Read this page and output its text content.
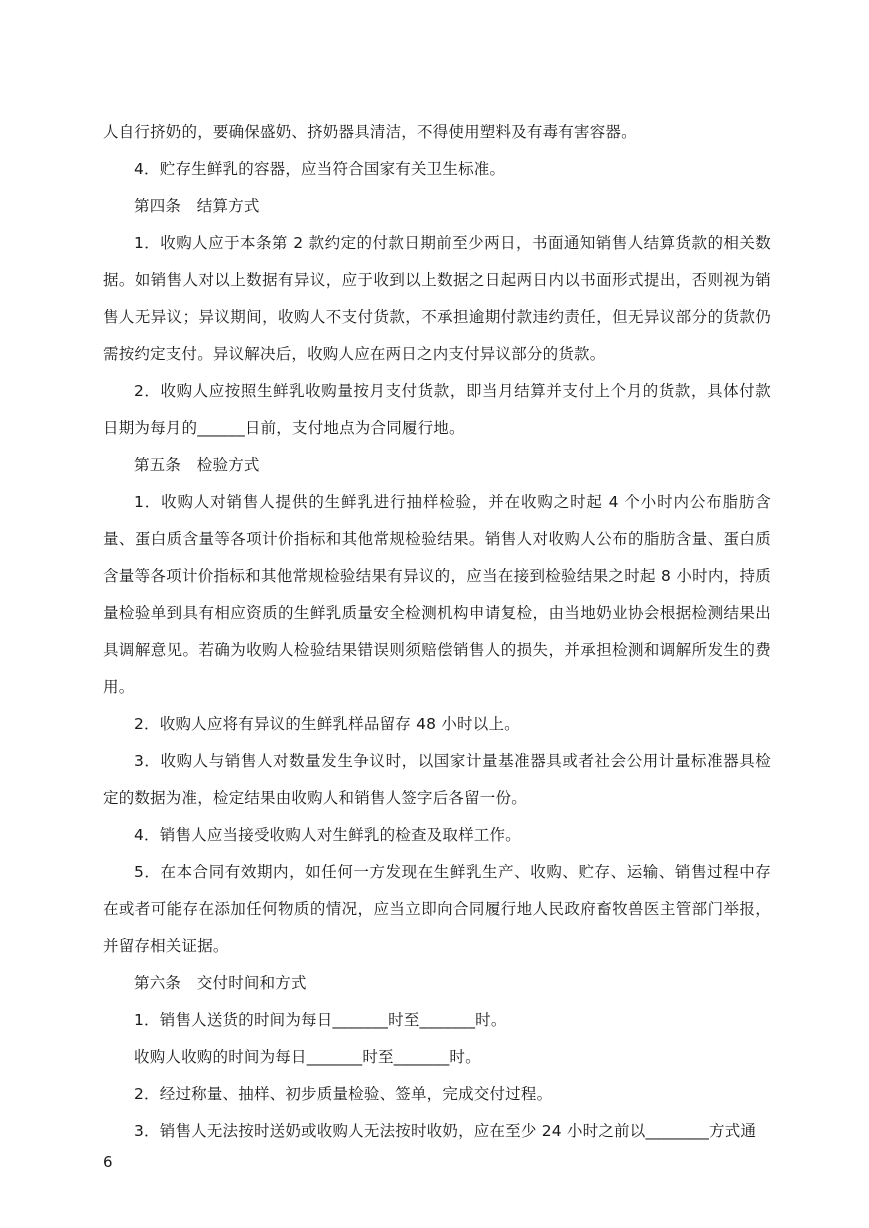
人自行挤奶的，要确保盛奶、挤奶器具清洁，不得使用塑料及有毒有害容器。

4．贮存生鲜乳的容器，应当符合国家有关卫生标准。

第四条　结算方式

1．收购人应于本条第 2 款约定的付款日期前至少两日，书面通知销售人结算货款的相关数据。如销售人对以上数据有异议，应于收到以上数据之日起两日内以书面形式提出，否则视为销售人无异议；异议期间，收购人不支付货款，不承担逾期付款违约责任，但无异议部分的货款仍需按约定支付。异议解决后，收购人应在两日之内支付异议部分的货款。

2．收购人应按照生鲜乳收购量按月支付货款，即当月结算并支付上个月的货款，具体付款日期为每月的______日前，支付地点为合同履行地。

第五条　检验方式

1．收购人对销售人提供的生鲜乳进行抽样检验，并在收购之时起 4 个小时内公布脂肪含量、蛋白质含量等各项计价指标和其他常规检验结果。销售人对收购人公布的脂肪含量、蛋白质含量等各项计价指标和其他常规检验结果有异议的，应当在接到检验结果之时起 8 小时内，持质量检验单到具有相应资质的生鲜乳质量安全检测机构申请复检，由当地奶业协会根据检测结果出具调解意见。若确为收购人检验结果错误则须赔偿销售人的损失，并承担检测和调解所发生的费用。

2．收购人应将有异议的生鲜乳样品留存 48 小时以上。

3．收购人与销售人对数量发生争议时，以国家计量基准器具或者社会公用计量标准器具检定的数据为准，检定结果由收购人和销售人签字后各留一份。

4．销售人应当接受收购人对生鲜乳的检查及取样工作。

5．在本合同有效期内，如任何一方发现在生鲜乳生产、收购、贮存、运输、销售过程中存在或者可能存在添加任何物质的情况，应当立即向合同履行地人民政府畜牧兽医主管部门举报，并留存相关证据。

第六条　交付时间和方式

1．销售人送货的时间为每日_______时至_______时。

收购人收购的时间为每日_______时至_______时。

2．经过称量、抽样、初步质量检验、签单，完成交付过程。

3．销售人无法按时送奶或收购人无法按时收奶，应在至少 24 小时之前以________方式通

6
